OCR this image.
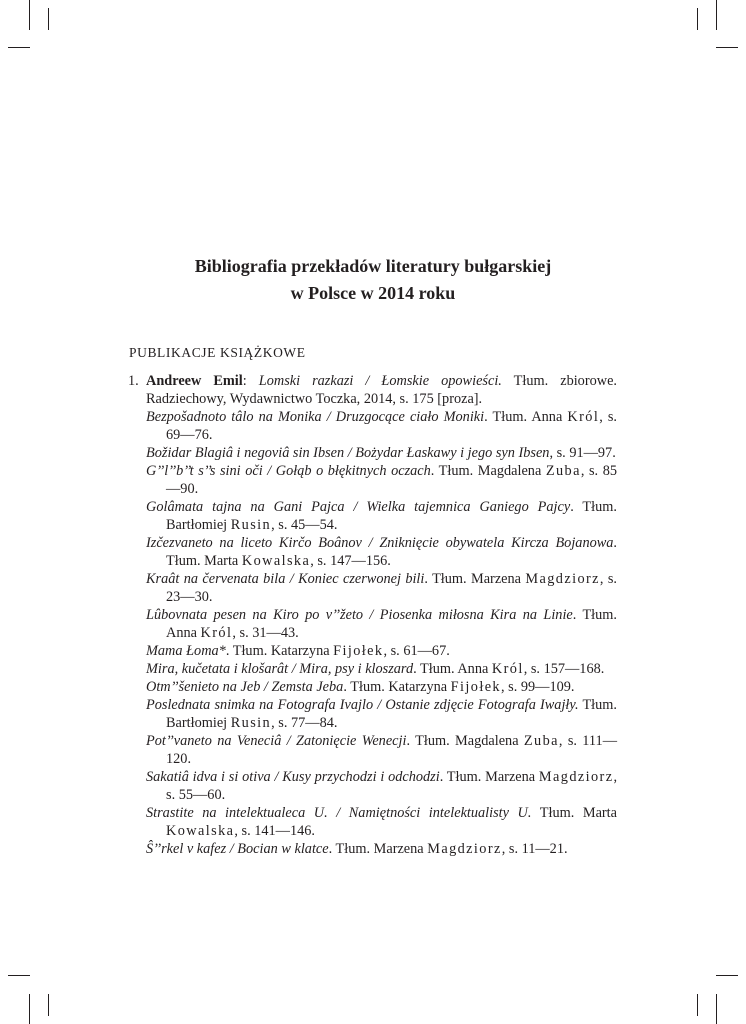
Bibliografia przekładów literatury bułgarskiej
w Polsce w 2014 roku
PUBLIKACJE KSIĄŻKOWE

1. Andreew Emil: Lomski razkazi / Łomskie opowieści. Tłum. zbiorowe. Radziechowy, Wydawnictwo Toczka, 2014, s. 175 [proza].

Bezpošadnoto tâlo na Monika / Druzgocące ciało Moniki. Tłum. Anna Król, s. 69—76.

Božidar Blagiâ i negoviâ sin Ibsen / Bożydar Łaskawy i jego syn Ibsen, s. 91—97.

G’’l’’b’’t s’’s sini oči / Gołąb o błękitnych oczach. Tłum. Magdalena Zuba, s. 85—90.

Golâmata tajna na Gani Pajca / Wielka tajemnica Ganiego Pajcy. Tłum. Bartłomiej Rusin, s. 45—54.

Izčezvaneto na liceto Kirčo Boânov / Zniknięcie obywatela Kircza Bojanowa. Tłum. Marta Kowalska, s. 147—156.

Kraât na červenata bila / Koniec czerwonej bili. Tłum. Marzena Magdziorz, s. 23—30.

Lûbovnata pesen na Kiro po v’’žeto / Piosenka miłosna Kira na Linie. Tłum. Anna Król, s. 31—43.

Mama Łoma*. Tłum. Katarzyna Fijołek, s. 61—67.

Mira, kučetata i klošarât / Mira, psy i kloszard. Tłum. Anna Król, s. 157—168.

Otm’’šenieto na Jeb / Zemsta Jeba. Tłum. Katarzyna Fijołek, s. 99—109.

Poslednata snimka na Fotografa Ivajlo / Ostanie zdjęcie Fotografa Iwajły. Tłum. Bartłomiej Rusin, s. 77—84.

Pot’’vaneto na Veneciâ / Zatonięcie Wenecji. Tłum. Magdalena Zuba, s. 111—120.

Sakatiâ idva i si otiva / Kusy przychodzi i odchodzi. Tłum. Marzena Magdziorz, s. 55—60.

Strastite na intelektualeca U. / Namiętności intelektualisty U. Tłum. Marta Kowalska, s. 141—146.

Ŝ’’rkel v kafez / Bocian w klatce. Tłum. Marzena Magdziorz, s. 11—21.
